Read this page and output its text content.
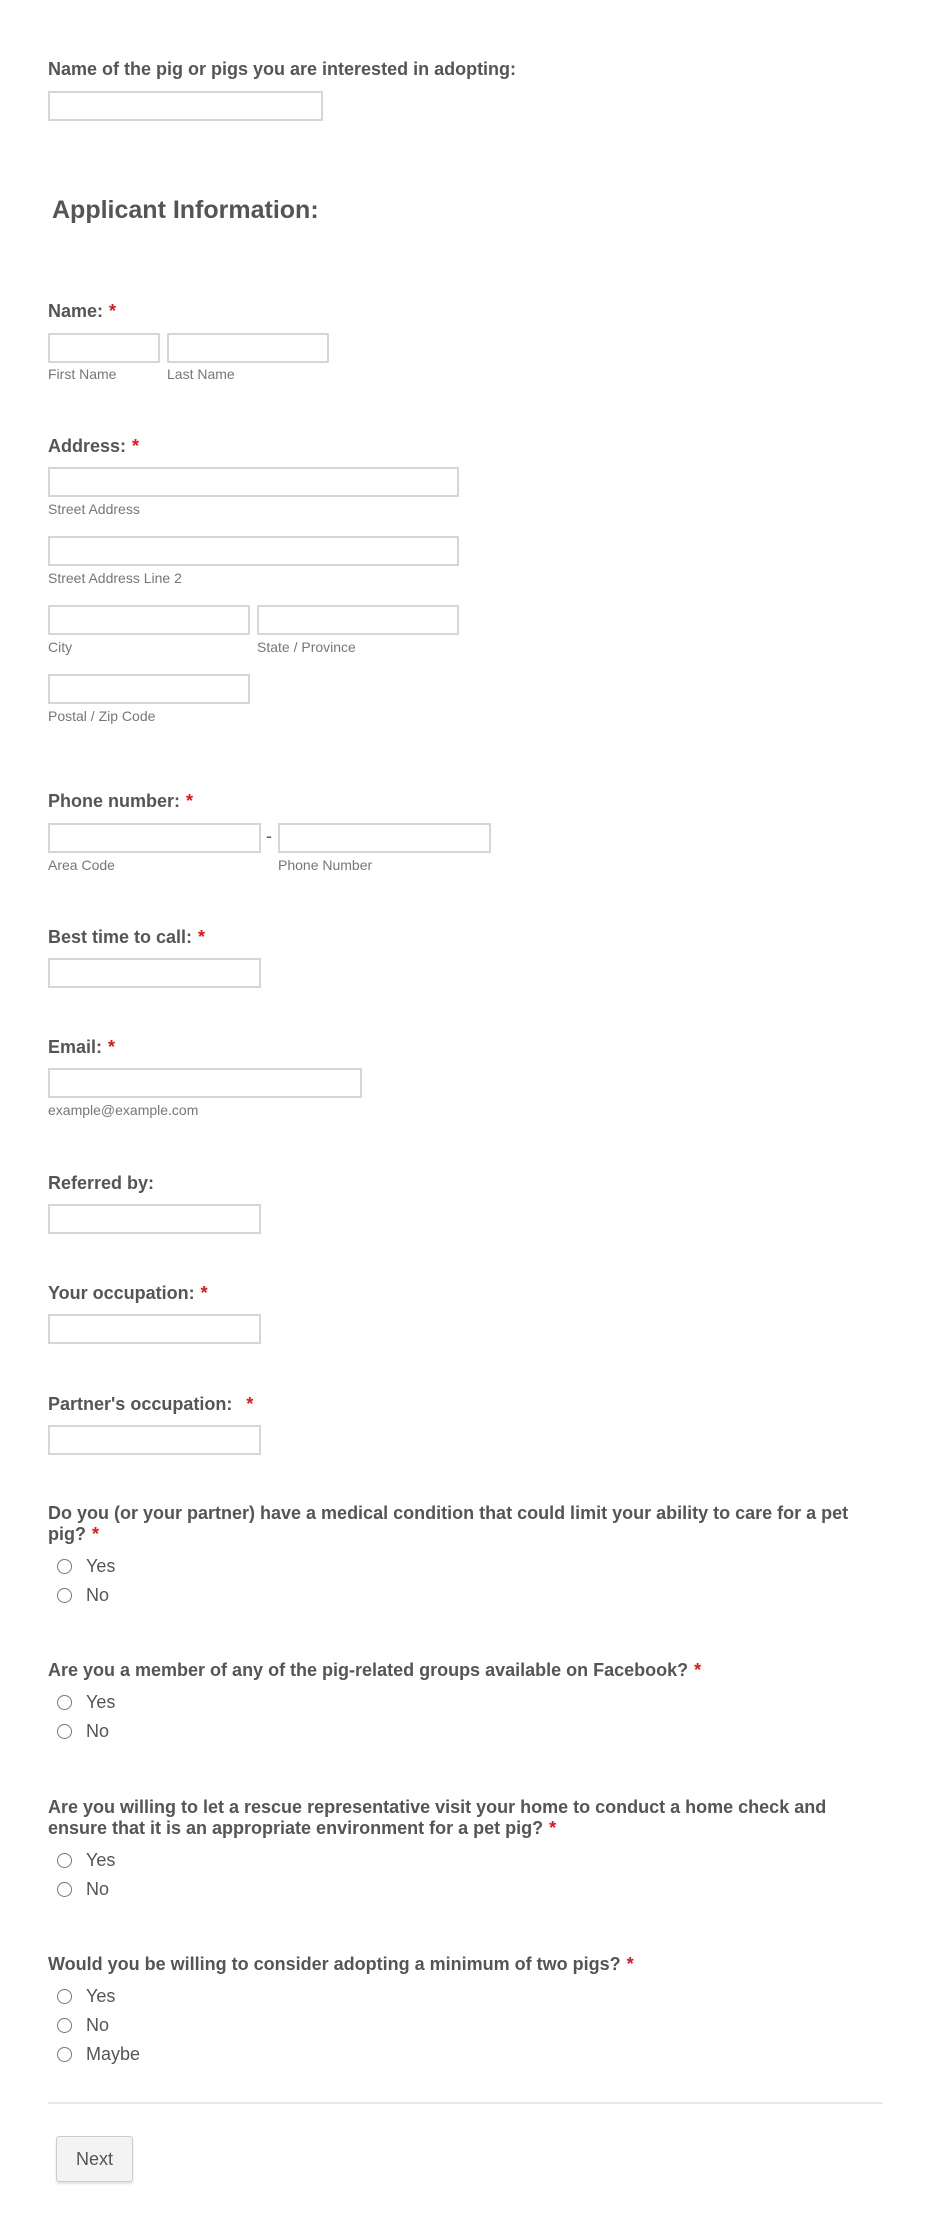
Name of the pig or pigs you are interested in adopting:
Applicant Information:
Name: *
First Name	Last Name
Address: *
Street Address
Street Address Line 2
City	State / Province
Postal / Zip Code
Phone number: *
-
Area Code	Phone Number
Best time to call: *
Email: *
example@example.com
Referred by:
Your occupation: *
Partner's occupation: *
Do you (or your partner) have a medical condition that could limit your ability to care for a pet pig? *
Yes
No
Are you a member of any of the pig-related groups available on Facebook? *
Yes
No
Are you willing to let a rescue representative visit your home to conduct a home check and ensure that it is an appropriate environment for a pet pig? *
Yes
No
Would you be willing to consider adopting a minimum of two pigs? *
Yes
No
Maybe
Next
